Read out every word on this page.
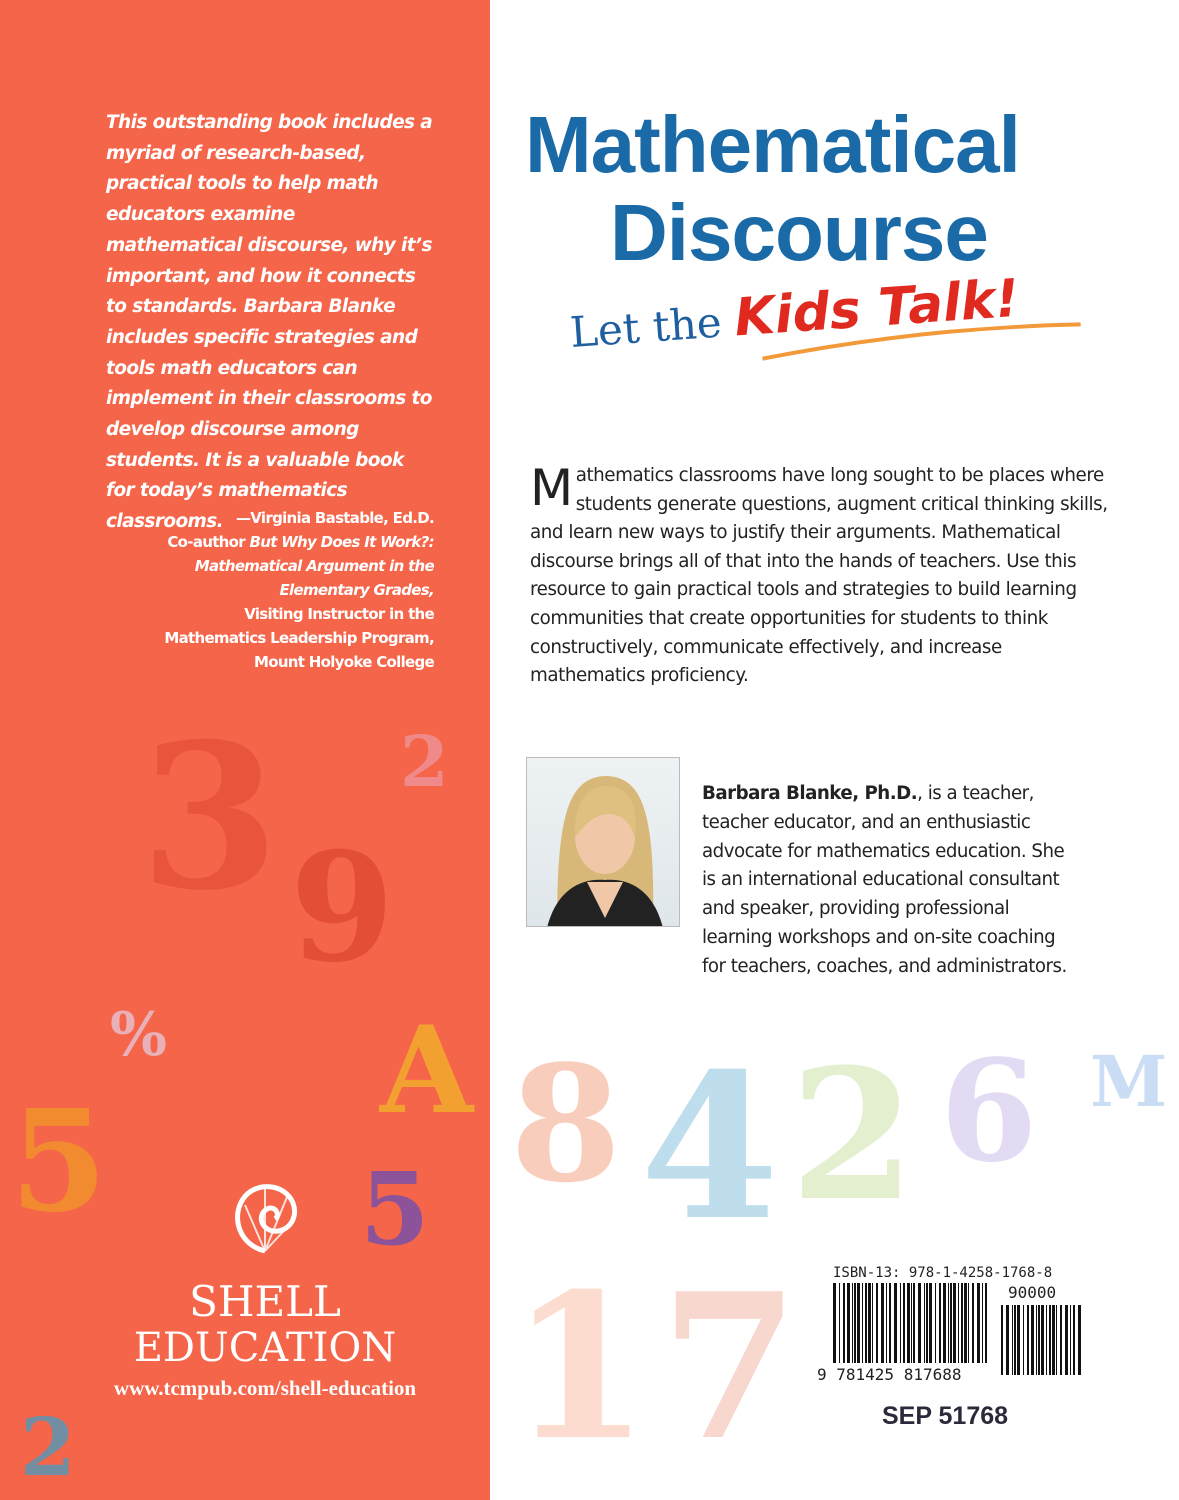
3 9
2
%
5	5
2
A
This outstanding book includes a myriad of research-based, practical tools to help math educators examine mathematical discourse, why it’s important, and how it connects to standards. Barbara Blanke includes specific strategies and tools math educators can implement in their classrooms to develop discourse among students. It is a valuable book for today’s mathematics classrooms. —Virginia Bastable, Ed.D.
Co-author But Why Does It Work?:
Mathematical Argument in the
Elementary Grades,
Visiting Instructor in the
Mathematics Leadership Program,
Mount Holyoke College
SHELL
EDUCATION
www.tcmpub.com/shell-education
8 4 2
1 7
6 M
Mathematical
Discourse
Let the Kids Talk!
Mathematics classrooms have long sought to be places where students generate questions, augment critical thinking skills, and learn new ways to justify their arguments. Mathematical discourse brings all of that into the hands of teachers. Use this resource to gain practical tools and strategies to build learning communities that create opportunities for students to think constructively, communicate effectively, and increase mathematics proficiency.
Barbara Blanke, Ph.D., is a teacher, teacher educator, and an enthusiastic advocate for mathematics education. She is an international educational consultant and speaker, providing professional learning workshops and on-site coaching for teachers, coaches, and administrators.
ISBN-13: 978-1-4258-1768-8
90000
9 781425 817688
SEP 51768
